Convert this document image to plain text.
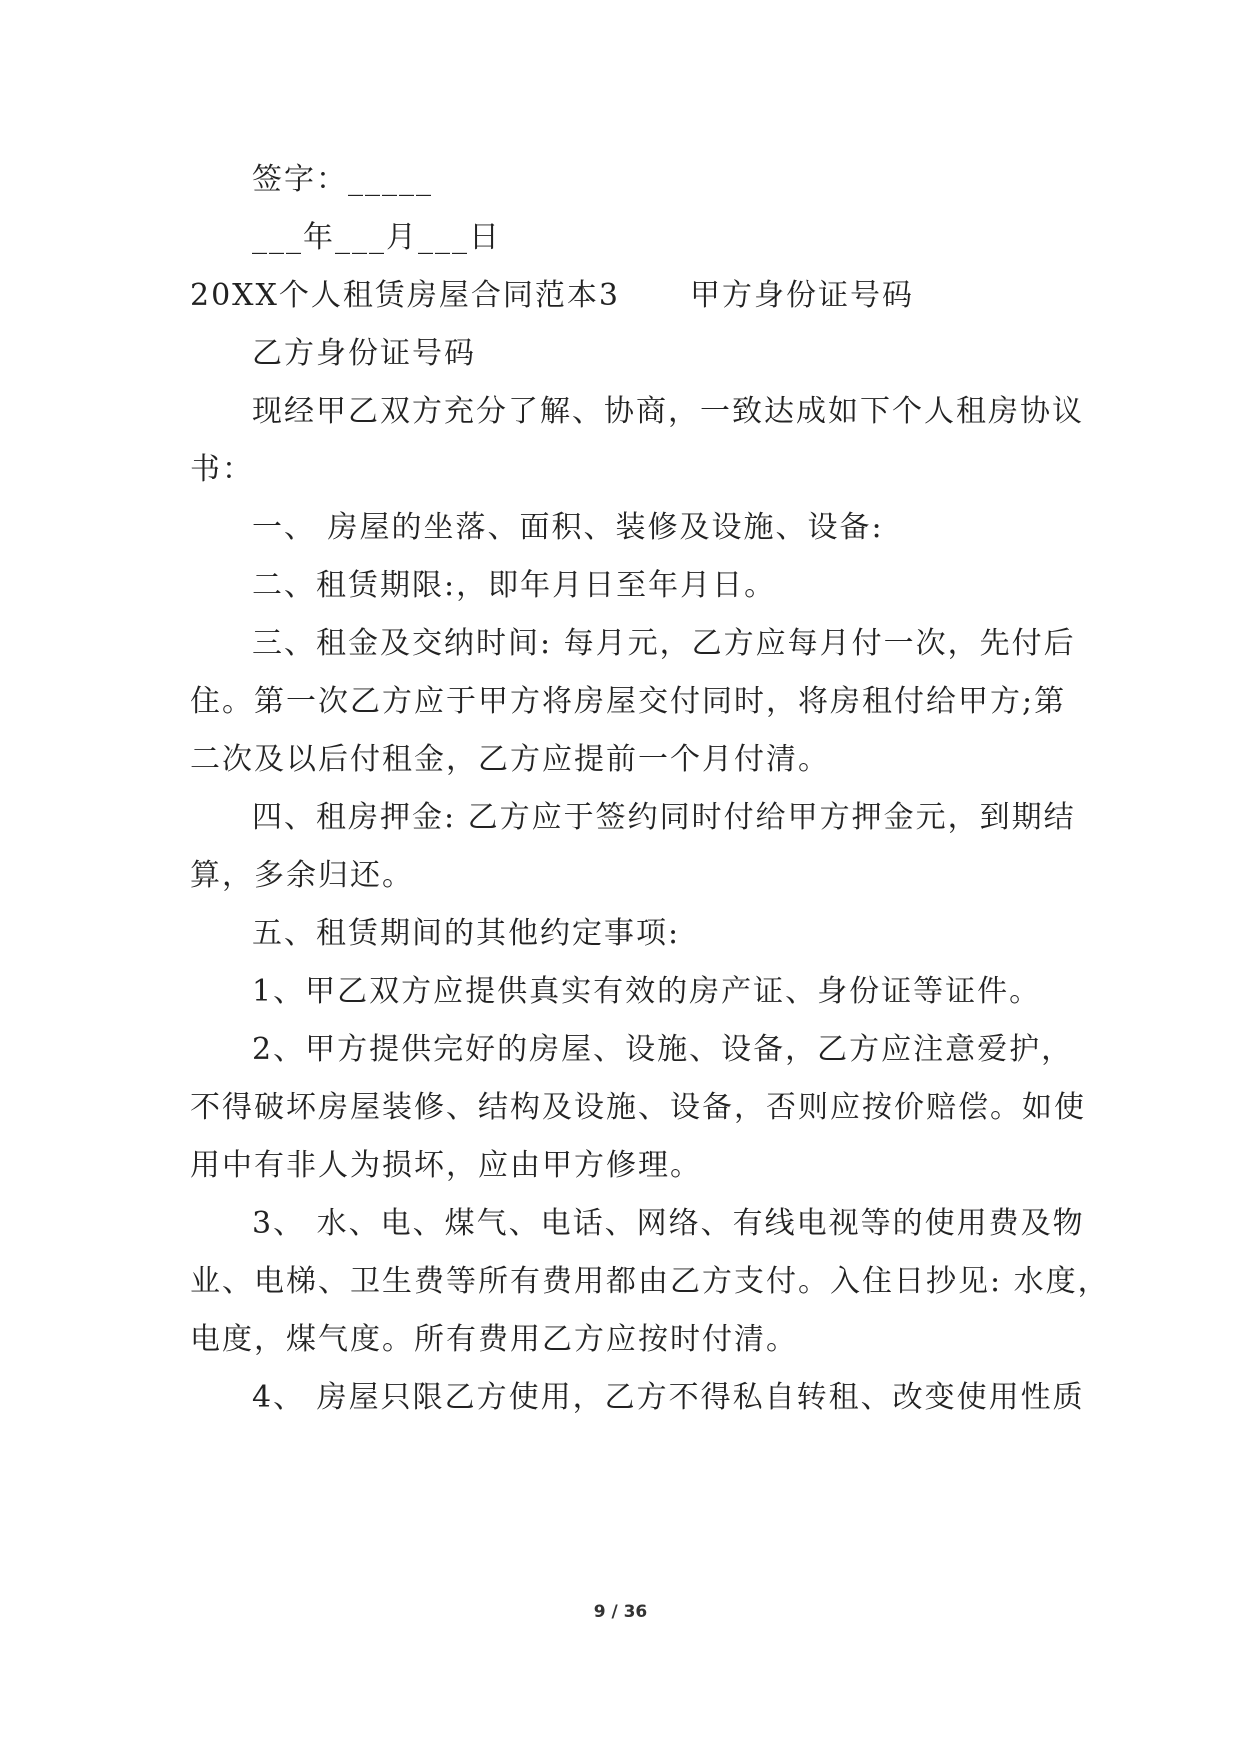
签字：_____
___年___月___日
20XX个人租赁房屋合同范本3 甲方身份证号码
乙方身份证号码
现经甲乙双方充分了解、协商，一致达成如下个人租房协议
书：
一、 房屋的坐落、面积、装修及设施、设备:
二、租赁期限:，即年月日至年月日。
三、租金及交纳时间: 每月元，乙方应每月付一次，先付后
住。第一次乙方应于甲方将房屋交付同时，将房租付给甲方;第
二次及以后付租金，乙方应提前一个月付清。
四、租房押金: 乙方应于签约同时付给甲方押金元，到期结
算，多余归还。
五、租赁期间的其他约定事项:
1、甲乙双方应提供真实有效的房产证、身份证等证件。
2、甲方提供完好的房屋、设施、设备，乙方应注意爱护，
不得破坏房屋装修、结构及设施、设备，否则应按价赔偿。如使
用中有非人为损坏，应由甲方修理。
3、 水、电、煤气、电话、网络、有线电视等的使用费及物
业、电梯、卫生费等所有费用都由乙方支付。入住日抄见: 水度，
电度，煤气度。所有费用乙方应按时付清。
4、 房屋只限乙方使用，乙方不得私自转租、改变使用性质
9 / 36
